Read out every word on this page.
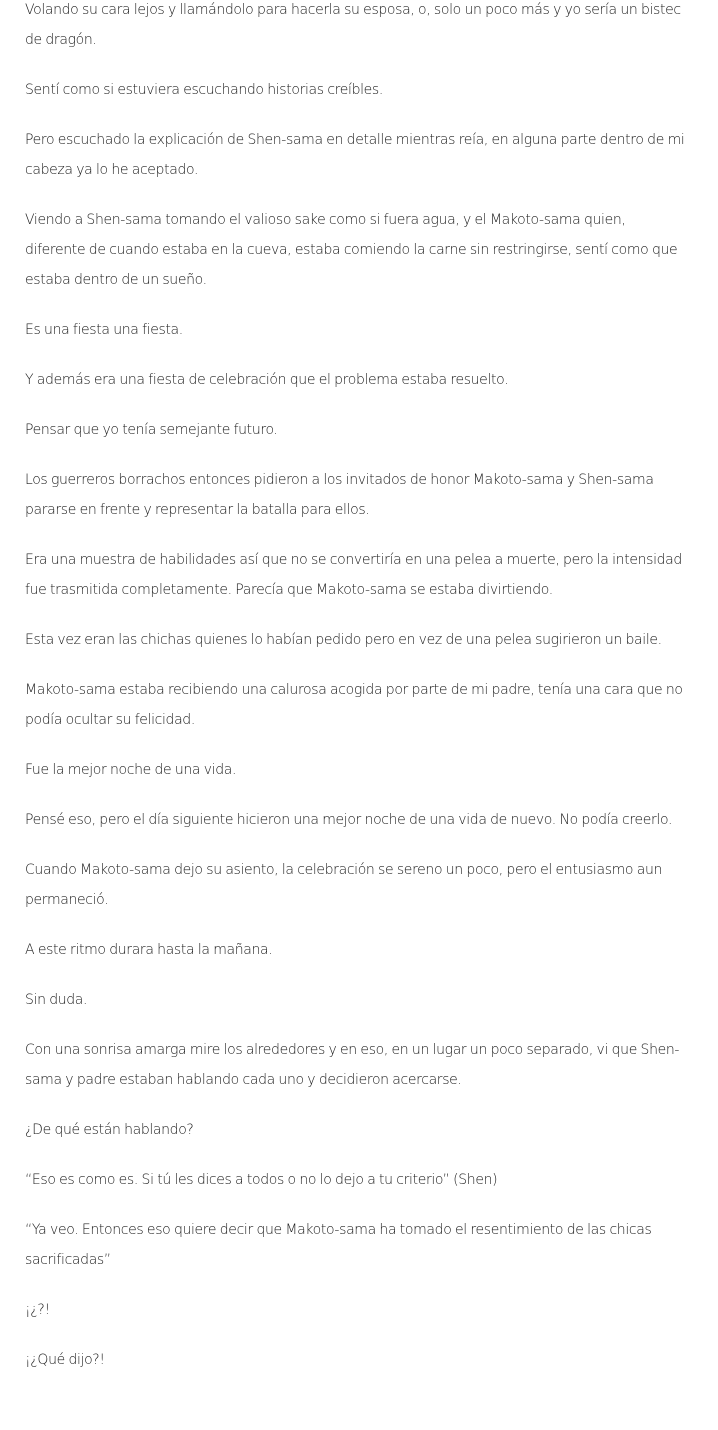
Volando su cara lejos y llamándolo para hacerla su esposa, o, solo un poco más y yo sería un bistec de dragón.

Sentí como si estuviera escuchando historias creíbles.

Pero escuchado la explicación de Shen-sama en detalle mientras reía, en alguna parte dentro de mi cabeza ya lo he aceptado.

Viendo a Shen-sama tomando el valioso sake como si fuera agua, y el Makoto-sama quien, diferente de cuando estaba en la cueva, estaba comiendo la carne sin restringirse, sentí como que estaba dentro de un sueño.

Es una fiesta una fiesta.

Y además era una fiesta de celebración que el problema estaba resuelto.

Pensar que yo tenía semejante futuro.

Los guerreros borrachos entonces pidieron a los invitados de honor Makoto-sama y Shen-sama pararse en frente y representar la batalla para ellos.

Era una muestra de habilidades así que no se convertiría en una pelea a muerte, pero la intensidad fue trasmitida completamente. Parecía que Makoto-sama se estaba divirtiendo.

Esta vez eran las chichas quienes lo habían pedido pero en vez de una pelea sugirieron un baile.

Makoto-sama estaba recibiendo una calurosa acogida por parte de mi padre, tenía una cara que no podía ocultar su felicidad.

Fue la mejor noche de una vida.

Pensé eso, pero el día siguiente hicieron una mejor noche de una vida de nuevo. No podía creerlo.

Cuando Makoto-sama dejo su asiento, la celebración se sereno un poco, pero el entusiasmo aun permaneció.

A este ritmo durara hasta la mañana.

Sin duda.

Con una sonrisa amarga mire los alrededores y en eso, en un lugar un poco separado, vi que Shen-sama y padre estaban hablando cada uno y decidieron acercarse.

¿De qué están hablando?

“Eso es como es. Si tú les dices a todos o no lo dejo a tu criterio” (Shen)

“Ya veo. Entonces eso quiere decir que Makoto-sama ha tomado el resentimiento de las chicas sacrificadas”

¡¿?!

¡¿Qué dijo?!
